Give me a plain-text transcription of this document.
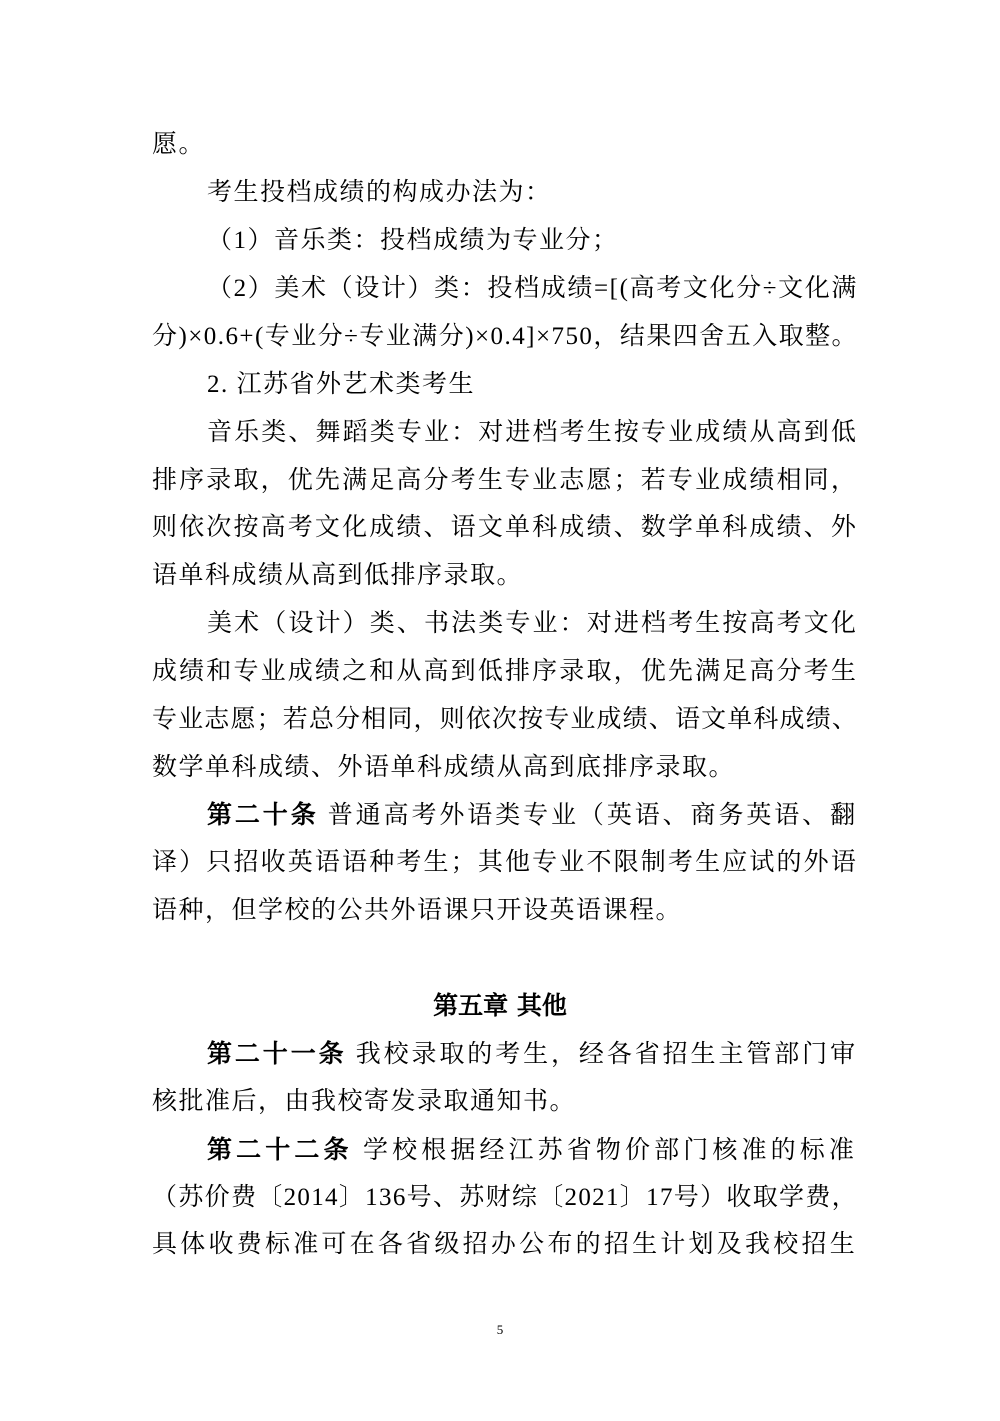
愿。
考生投档成绩的构成办法为：
（1）音乐类：投档成绩为专业分；
（2）美术（设计）类：投档成绩=[(高考文化分÷文化满
分)×0.6+(专业分÷专业满分)×0.4]×750，结果四舍五入取整。
2. 江苏省外艺术类考生
音乐类、舞蹈类专业：对进档考生按专业成绩从高到低
排序录取，优先满足高分考生专业志愿；若专业成绩相同，
则依次按高考文化成绩、语文单科成绩、数学单科成绩、外
语单科成绩从高到低排序录取。
美术（设计）类、书法类专业：对进档考生按高考文化
成绩和专业成绩之和从高到低排序录取，优先满足高分考生
专业志愿；若总分相同，则依次按专业成绩、语文单科成绩、
数学单科成绩、外语单科成绩从高到底排序录取。
第二十条 普通高考外语类专业（英语、商务英语、翻
译）只招收英语语种考生；其他专业不限制考生应试的外语
语种，但学校的公共外语课只开设英语课程。
第五章 其他
第二十一条 我校录取的考生，经各省招生主管部门审
核批准后，由我校寄发录取通知书。
第二十二条 学校根据经江苏省物价部门核准的标准
（苏价费〔2014〕136号、苏财综〔2021〕17号）收取学费，
具体收费标准可在各省级招办公布的招生计划及我校招生
5
